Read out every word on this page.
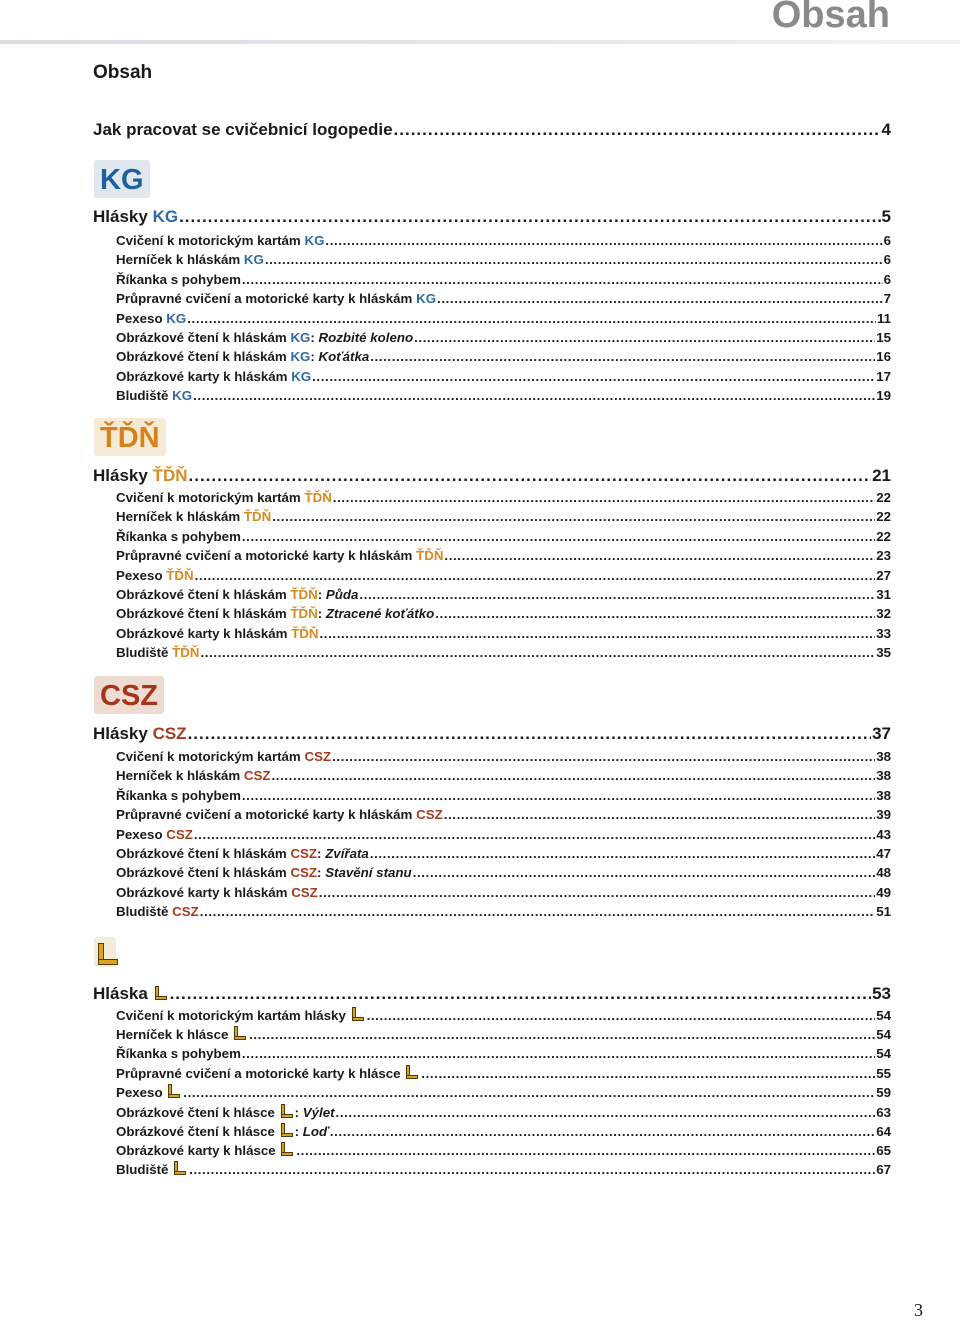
Obsah
Obsah
Jak pracovat se cvičebnicí logopedie .....	4
KG
Hlásky KG .....	5
Cvičení k motorickým kartám KG .....	6
Herníček k hláskám KG .....	6
Říkanka s pohybem .....	6
Průpravné cvičení a motorické karty k hláskám KG .....	7
Pexeso KG .....	11
Obrázkové čtení k hláskám KG: Rozbité koleno .....	15
Obrázkové čtení k hláskám KG: Koťátka .....	16
Obrázkové karty k hláskám KG .....	17
Bludiště KG .....	19
ŤĎŇ
Hlásky ŤĎŇ .....	21
Cvičení k motorickým kartám ŤĎŇ .....	22
Herníček k hláskám ŤĎŇ .....	22
Říkanka s pohybem .....	22
Průpravné cvičení a motorické karty k hláskám ŤĎŇ .....	23
Pexeso ŤĎŇ .....	27
Obrázkové čtení k hláskám ŤĎŇ: Půda .....	31
Obrázkové čtení k hláskám ŤĎŇ: Ztracené koťátko .....	32
Obrázkové karty k hláskám ŤĎŇ .....	33
Bludiště ŤĎŇ .....	35
CSZ
Hlásky CSZ .....	37
Cvičení k motorickým kartám CSZ .....	38
Herníček k hláskám CSZ .....	38
Říkanka s pohybem .....	38
Průpravné cvičení a motorické karty k hláskám CSZ .....	39
Pexeso CSZ .....	43
Obrázkové čtení k hláskám CSZ: Zvířata .....	47
Obrázkové čtení k hláskám CSZ: Stavění stanu .....	48
Obrázkové karty k hláskám CSZ .....	49
Bludiště CSZ .....	51
Hláska .....	53
Cvičení k motorickým kartám hlásky .....	54
Herníček k hlásce .....	54
Říkanka s pohybem .....	54
Průpravné cvičení a motorické karty k hlásce .....	55
Pexeso .....	59
Obrázkové čtení k hlásce : Výlet .....	63
Obrázkové čtení k hlásce : Loď .....	64
Obrázkové karty k hlásce .....	65
Bludiště .....	67
3
